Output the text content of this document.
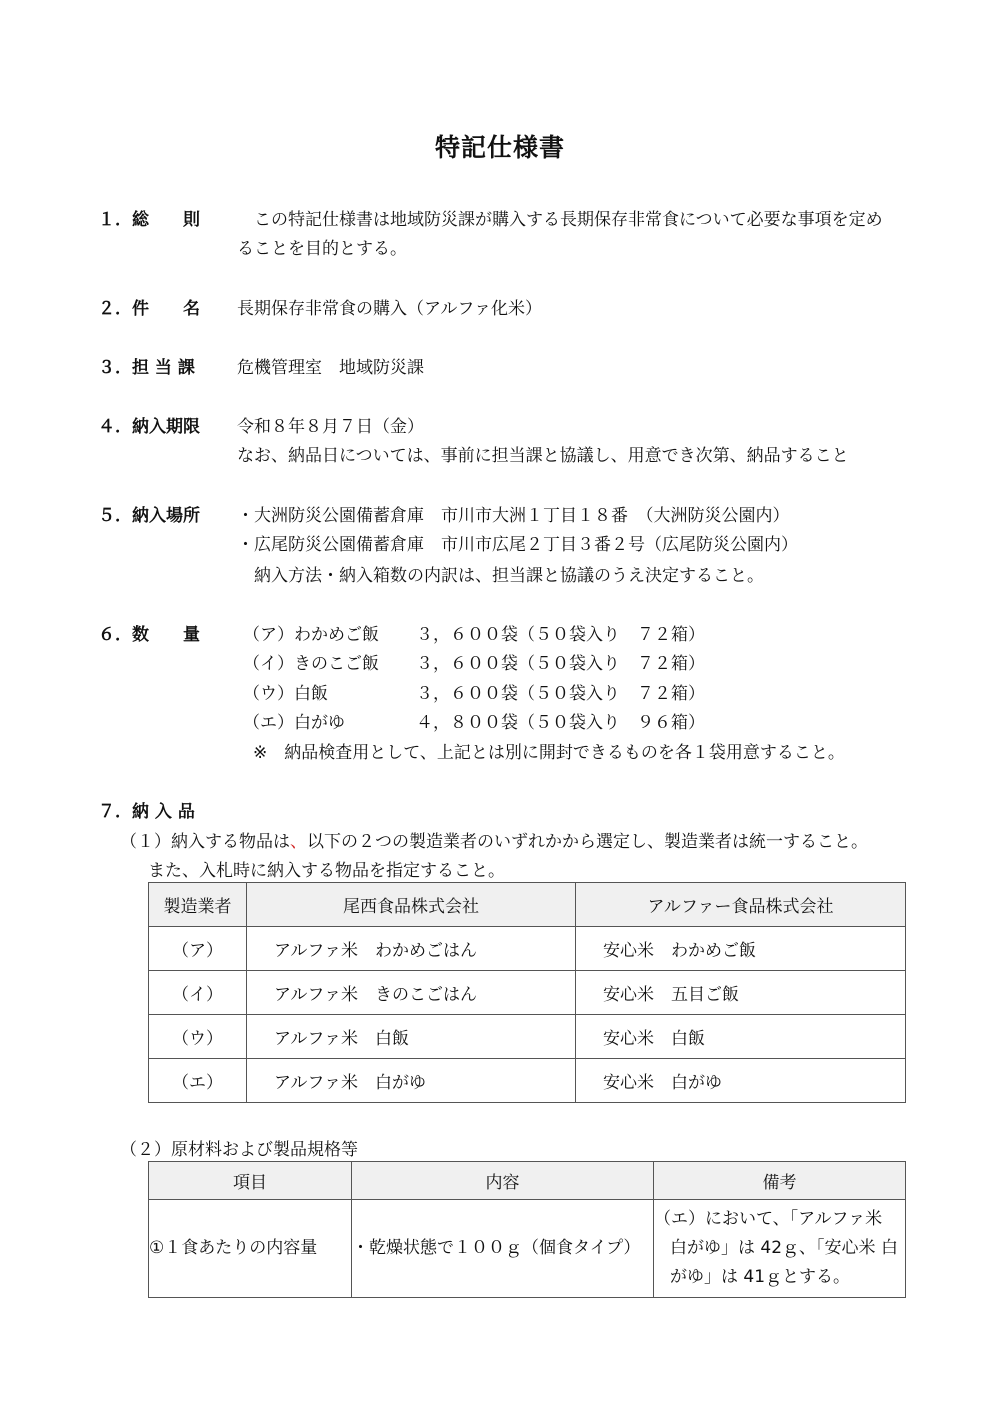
特記仕様書
１．総　　則 　この特記仕様書は地域防災課が購入する長期保存非常食について必要な事項を定め
ることを目的とする。
２．件　　名 長期保存非常食の購入（アルファ化米）
３．担 当 課 危機管理室　地域防災課
４．納入期限 令和８年８月７日（金）
なお、納品日については、事前に担当課と協議し、用意でき次第、納品すること
５．納入場所 ・大洲防災公園備蓄倉庫　市川市大洲１丁目１８番　（大洲防災公園内）
・広尾防災公園備蓄倉庫　市川市広尾２丁目３番２号（広尾防災公園内）
　納入方法・納入箱数の内訳は、担当課と協議のうえ決定すること。
６．数　　量	（ア）わかめご飯 ３，６００袋（５０袋入り　７２箱）
（イ）きのこご飯 ３，６００袋（５０袋入り　７２箱）
（ウ）白飯	３，６００袋（５０袋入り　７２箱）
（エ）白がゆ	４，８００袋（５０袋入り　９６箱）
※　納品検査用として、上記とは別に開封できるものを各１袋用意すること。
７．納 入 品
（１）納入する物品は、以下の２つの製造業者のいずれかから選定し、製造業者は統一すること。
また、入札時に納入する物品を指定すること。
製造業者	尾西食品株式会社	アルファー食品株式会社
（ア）	アルファ米　わかめごはん	安心米　わかめご飯
（イ）	アルファ米　きのこごはん	安心米　五目ご飯
（ウ）	アルファ米　白飯	安心米　白飯
（エ）	アルファ米　白がゆ	安心米　白がゆ
（２）原材料および製品規格等
項目	内容	備考
①１食あたりの内容量	・乾燥状態で１００ｇ（個食タイプ）	（エ）において、「アルファ米
白がゆ」は 42ｇ、「安心米 白
がゆ」は 41ｇとする。
